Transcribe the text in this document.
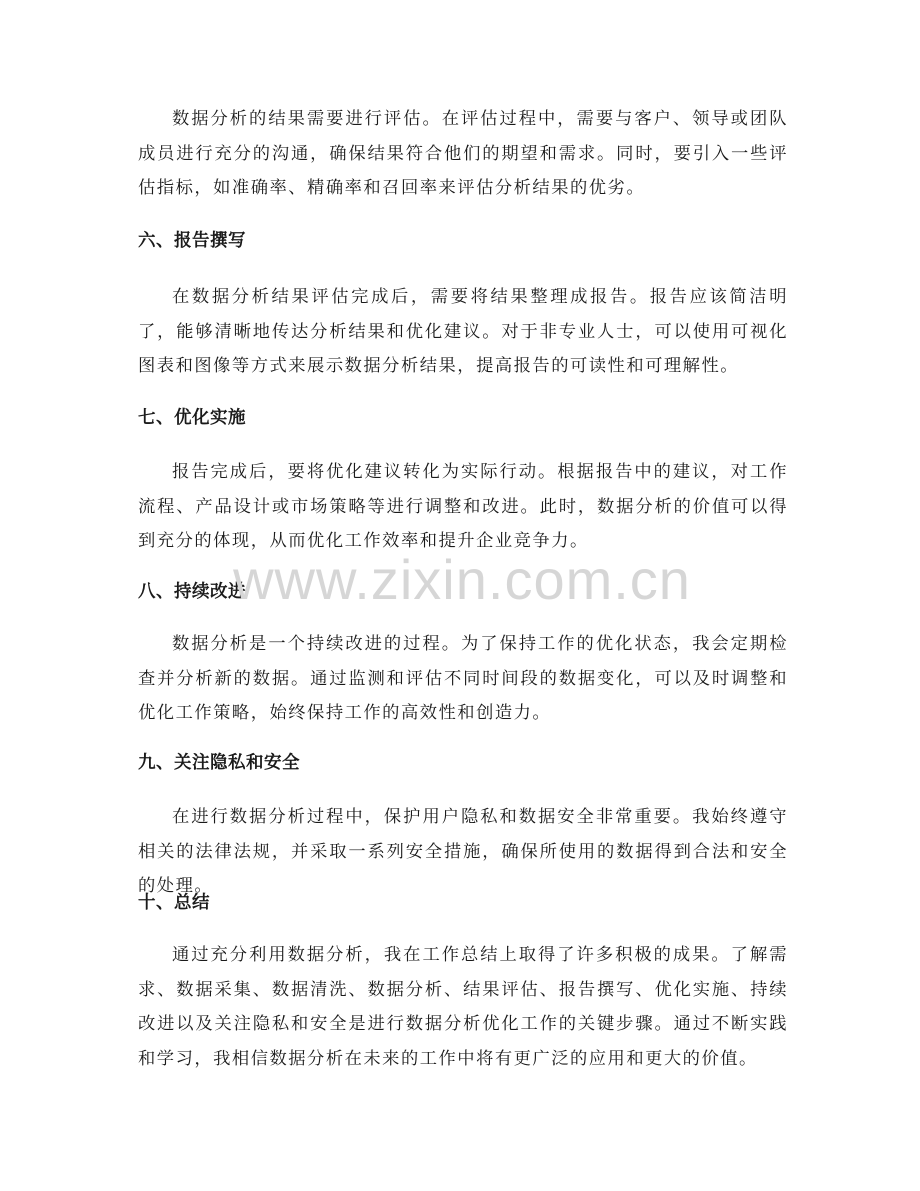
数据分析的结果需要进行评估。在评估过程中，需要与客户、领导或团队成员进行充分的沟通，确保结果符合他们的期望和需求。同时，要引入一些评估指标，如准确率、精确率和召回率来评估分析结果的优劣。

六、报告撰写

在数据分析结果评估完成后，需要将结果整理成报告。报告应该简洁明了，能够清晰地传达分析结果和优化建议。对于非专业人士，可以使用可视化图表和图像等方式来展示数据分析结果，提高报告的可读性和可理解性。

七、优化实施

报告完成后，要将优化建议转化为实际行动。根据报告中的建议，对工作流程、产品设计或市场策略等进行调整和改进。此时，数据分析的价值可以得到充分的体现，从而优化工作效率和提升企业竞争力。

八、持续改进

数据分析是一个持续改进的过程。为了保持工作的优化状态，我会定期检查并分析新的数据。通过监测和评估不同时间段的数据变化，可以及时调整和优化工作策略，始终保持工作的高效性和创造力。

九、关注隐私和安全

在进行数据分析过程中，保护用户隐私和数据安全非常重要。我始终遵守相关的法律法规，并采取一系列安全措施，确保所使用的数据得到合法和安全的处理。

十、总结

通过充分利用数据分析，我在工作总结上取得了许多积极的成果。了解需求、数据采集、数据清洗、数据分析、结果评估、报告撰写、优化实施、持续改进以及关注隐私和安全是进行数据分析优化工作的关键步骤。通过不断实践和学习，我相信数据分析在未来的工作中将有更广泛的应用和更大的价值。

www.zixin.com.cn
